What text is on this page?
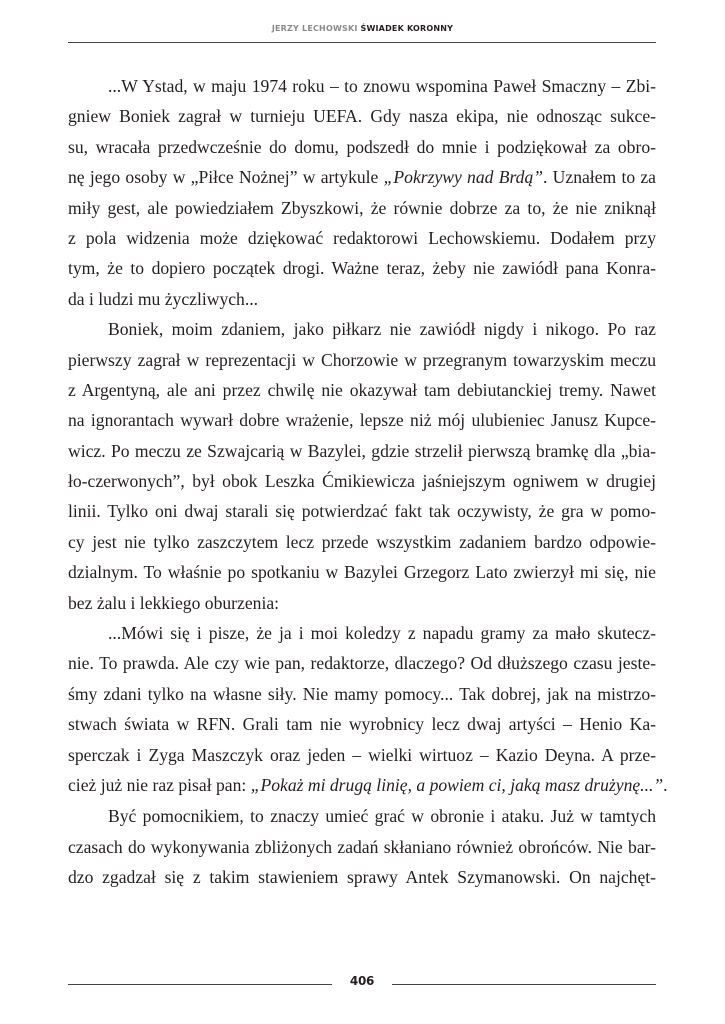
JERZY LECHOWSKI ŚWIADEK KORONNY
...W Ystad, w maju 1974 roku – to znowu wspomina Paweł Smaczny – Zbi-
gniew Boniek zagrał w turnieju UEFA. Gdy nasza ekipa, nie odnosząc sukce-
su, wracała przedwcześnie do domu, podszedł do mnie i podziękował za obro-
nę jego osoby w „Piłce Nożnej” w artykule „Pokrzywy nad Brdą”. Uznałem to za
miły gest, ale powiedziałem Zbyszkowi, że równie dobrze za to, że nie zniknął
z pola widzenia może dziękować redaktorowi Lechowskiemu. Dodałem przy
tym, że to dopiero początek drogi. Ważne teraz, żeby nie zawiódł pana Konra-
da i ludzi mu życzliwych...
Boniek, moim zdaniem, jako piłkarz nie zawiódł nigdy i nikogo. Po raz
pierwszy zagrał w reprezentacji w Chorzowie w przegranym towarzyskim meczu
z Argentyną, ale ani przez chwilę nie okazywał tam debiutanckiej tremy. Nawet
na ignorantach wywarł dobre wrażenie, lepsze niż mój ulubieniec Janusz Kupce-
wicz. Po meczu ze Szwajcarią w Bazylei, gdzie strzelił pierwszą bramkę dla „bia-
ło-czerwonych”, był obok Leszka Ćmikiewicza jaśniejszym ogniwem w drugiej
linii. Tylko oni dwaj starali się potwierdzać fakt tak oczywisty, że gra w pomo-
cy jest nie tylko zaszczytem lecz przede wszystkim zadaniem bardzo odpowie-
dzialnym. To właśnie po spotkaniu w Bazylei Grzegorz Lato zwierzył mi się, nie
bez żalu i lekkiego oburzenia:
...Mówi się i pisze, że ja i moi koledzy z napadu gramy za mało skutecz-
nie. To prawda. Ale czy wie pan, redaktorze, dlaczego? Od dłuższego czasu jeste-
śmy zdani tylko na własne siły. Nie mamy pomocy... Tak dobrej, jak na mistrzo-
stwach świata w RFN. Grali tam nie wyrobnicy lecz dwaj artyści – Henio Ka-
sperczak i Zyga Maszczyk oraz jeden – wielki wirtuoz – Kazio Deyna. A prze-
cież już nie raz pisał pan: „Pokaż mi drugą linię, a powiem ci, jaką masz drużynę...”.
Być pomocnikiem, to znaczy umieć grać w obronie i ataku. Już w tamtych
czasach do wykonywania zbliżonych zadań skłaniano również obrońców. Nie bar-
dzo zgadzał się z takim stawieniem sprawy Antek Szymanowski. On najchęt-
406
